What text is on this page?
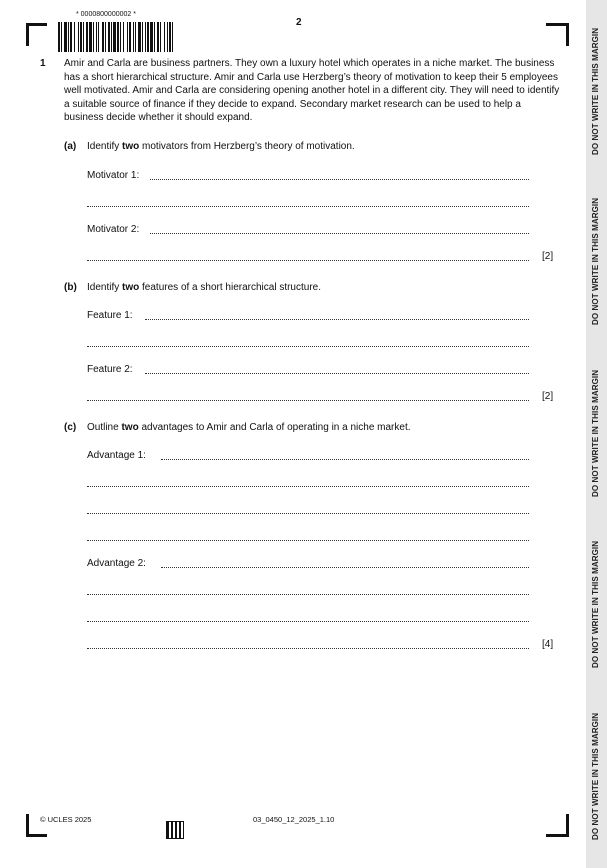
* 0000800000002 *
2
1 Amir and Carla are business partners. They own a luxury hotel which operates in a niche market. The business has a short hierarchical structure. Amir and Carla use Herzberg’s theory of motivation to keep their 5 employees well motivated. Amir and Carla are considering opening another hotel in a different city. They will need to identify a suitable source of finance if they decide to expand. Secondary market research can be used to help a business decide whether it should expand.
(a) Identify two motivators from Herzberg’s theory of motivation.
Motivator 1:
Motivator 2:
[2]
(b) Identify two features of a short hierarchical structure.
Feature 1:
Feature 2:
[2]
(c) Outline two advantages to Amir and Carla of operating in a niche market.
Advantage 1:
Advantage 2:
[4]
© UCLES 2025	03_0450_12_2025_1.10
DO NOT WRITE IN THIS MARGIN
DO NOT WRITE IN THIS MARGIN
DO NOT WRITE IN THIS MARGIN
DO NOT WRITE IN THIS MARGIN
DO NOT WRITE IN THIS MARGIN
